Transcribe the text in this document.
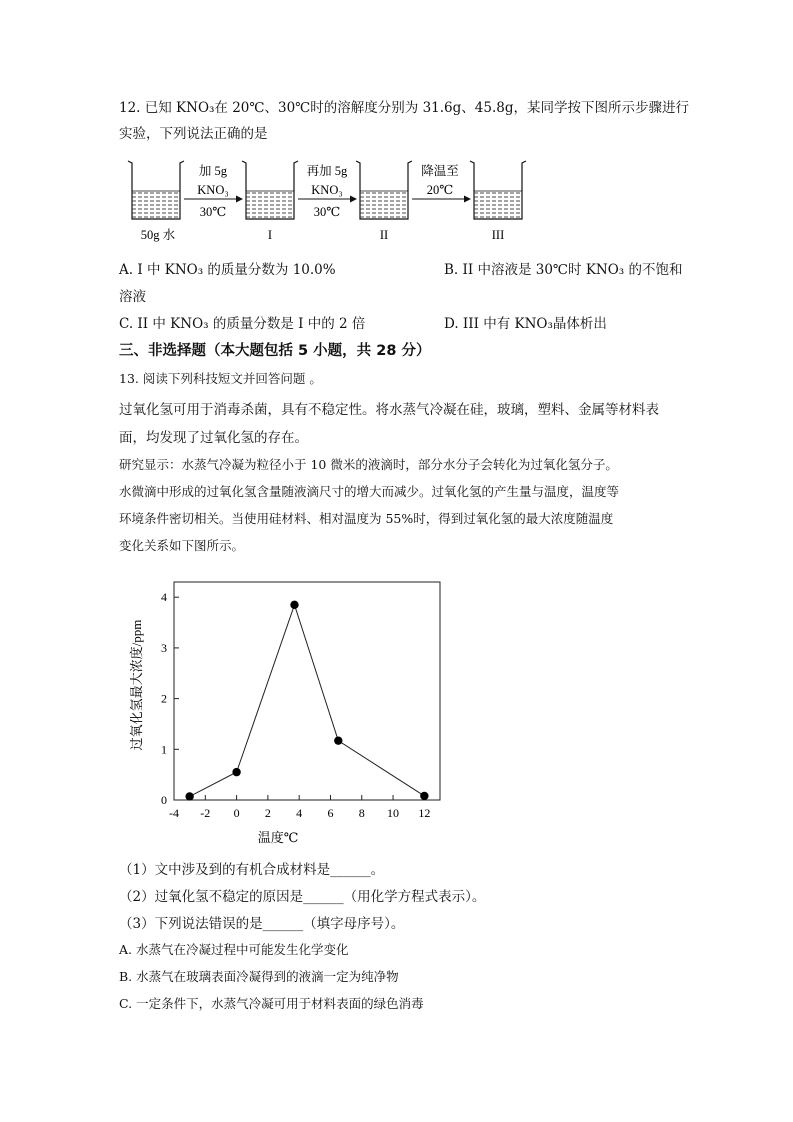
12. 已知 KNO₃在 20℃、30℃时的溶解度分别为 31.6g、45.8g，某同学按下图所示步骤进行
实验，下列说法正确的是
加 5g
KNO₃
30℃
再加 5g
KNO₃
30℃
降温至
20℃
50g 水	I	II	III
A. I 中 KNO₃ 的质量分数为 10.0%	B. II 中溶液是 30℃时 KNO₃ 的不饱和
溶液
C. II 中 KNO₃ 的质量分数是 I 中的 2 倍	D. III 中有 KNO₃晶体析出
三、非选择题（本大题包括 5 小题，共 28 分）
13. 阅读下列科技短文并回答问题 。
过氧化氢可用于消毒杀菌，具有不稳定性。将水蒸气冷凝在硅，玻璃，塑料、金属等材料表
面，均发现了过氧化氢的存在。
研究显示：水蒸气冷凝为粒径小于 10 微米的液滴时，部分水分子会转化为过氧化氢分子。
水微滴中形成的过氧化氢含量随液滴尺寸的增大而减少。过氧化氢的产生量与温度，温度等
环境条件密切相关。当使用硅材料、相对温度为 55%时，得到过氧化氢的最大浓度随温度
变化关系如下图所示。
-4 -2 0 2 4 6 8 10 12
0
1
2
3
4
温度℃
过氧化氢最大浓度/ppm
（1）文中涉及到的有机合成材料是______。
（2）过氧化氢不稳定的原因是______（用化学方程式表示）。
（3）下列说法错误的是______（填字母序号）。
A. 水蒸气在冷凝过程中可能发生化学变化
B. 水蒸气在玻璃表面冷凝得到的液滴一定为纯净物
C. 一定条件下，水蒸气冷凝可用于材料表面的绿色消毒
